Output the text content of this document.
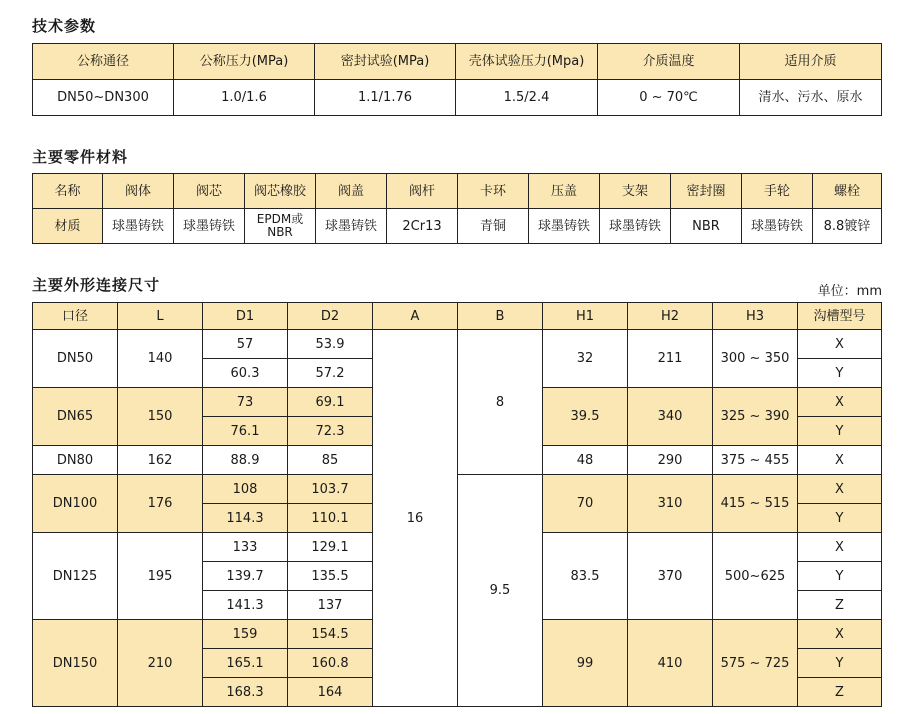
技术参数
公称通径	公称压力(MPa)	密封试验(MPa)	壳体试验压力(Mpa)	介质温度	适用介质
DN50~DN300	1.0/1.6	1.1/1.76	1.5/2.4	0 ~ 70℃	清水、污水、原水
主要零件材料
名称	阀体	阀芯	阀芯橡胶	阀盖	阀杆	卡环	压盖	支架	密封圈	手轮	螺栓
材质	球墨铸铁	球墨铸铁	EPDM或NBR	球墨铸铁	2Cr13	青铜	球墨铸铁	球墨铸铁	NBR	球墨铸铁	8.8镀锌
主要外形连接尺寸	单位：mm
口径	L	D1	D2	A	B	H1	H2	H3	沟槽型号
DN50	140	57	53.9	16	8	32	211	300 ~ 350	X
		60.3	57.2						Y
DN65	150	73	69.1			39.5	340	325 ~ 390	X
		76.1	72.3						Y
DN80	162	88.9	85			48	290	375 ~ 455	X
DN100	176	108	103.7		9.5	70	310	415 ~ 515	X
		114.3	110.1						Y
DN125	195	133	129.1			83.5	370	500~625	X
		139.7	135.5						Y
		141.3	137						Z
DN150	210	159	154.5			99	410	575 ~ 725	X
		165.1	160.8						Y
		168.3	164						Z
